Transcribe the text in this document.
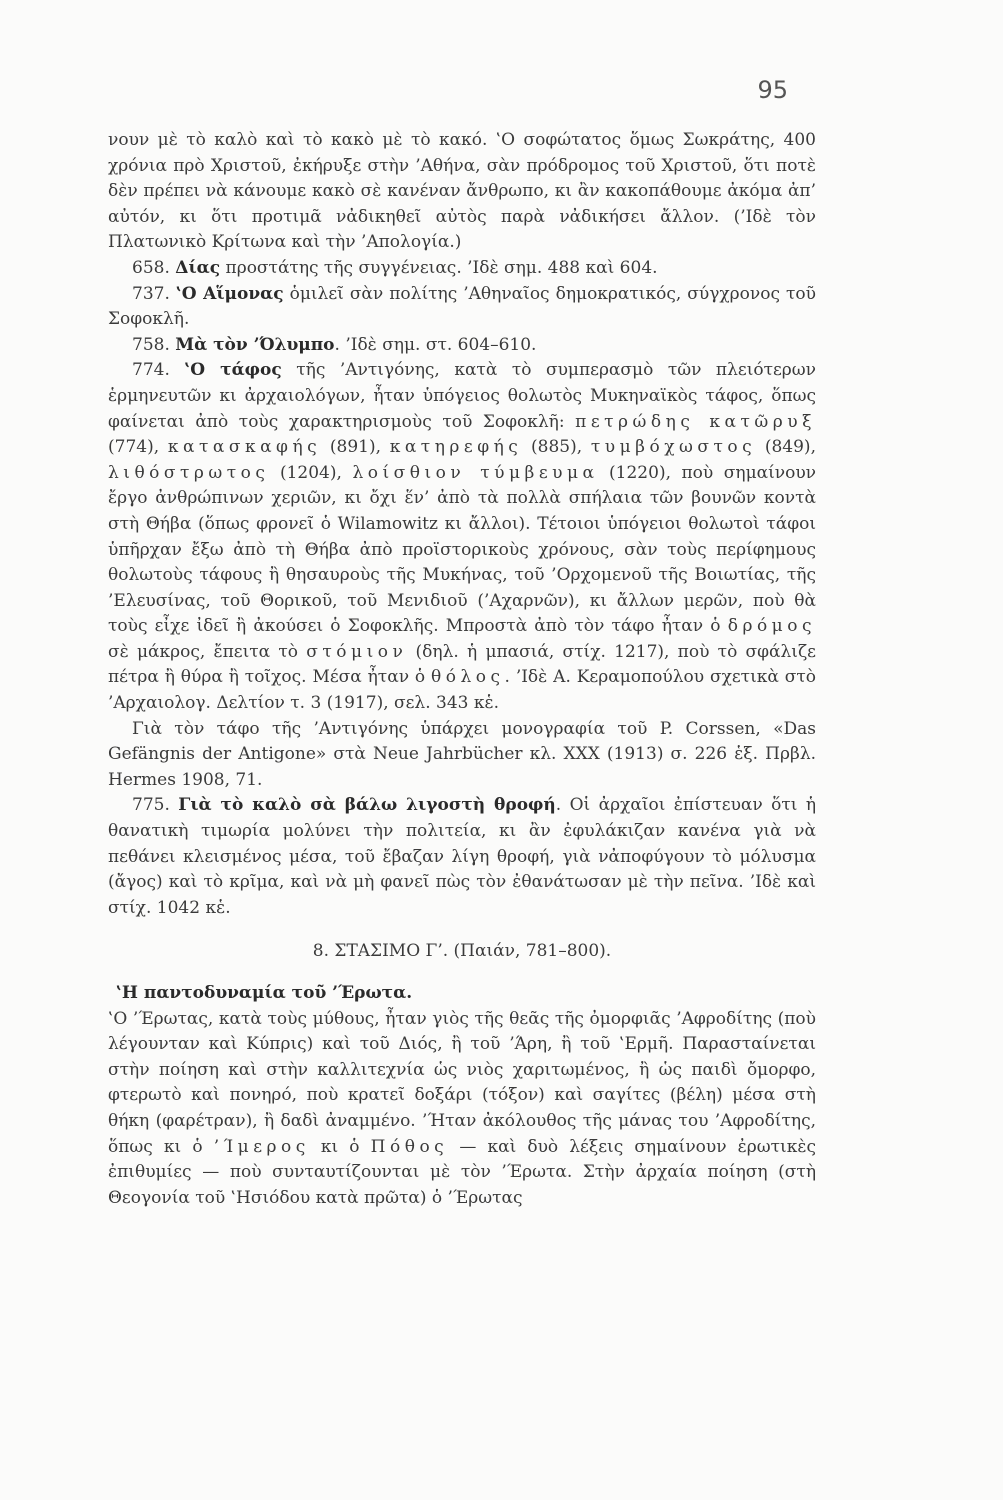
95

νουν μὲ τὸ καλὸ καὶ τὸ κακὸ μὲ τὸ κακό. ‛Ο σοφώτατος ὅμως Σωκράτης, 400 χρόνια πρὸ Χριστοῦ, ἐκήρυξε στὴν ’Αθήνα, σὰν πρόδρομος τοῦ Χριστοῦ, ὅτι ποτὲ δὲν πρέπει νὰ κάνουμε κακὸ σὲ κανέναν ἄνθρωπο, κι ἂν κακοπάθουμε ἀκόμα ἀπ’ αὐτόν, κι ὅτι προτιμᾶ νἀδικηθεῖ αὐτὸς παρὰ νἀδικήσει ἄλλον. (’Ιδὲ τὸν Πλατωνικὸ Κρίτωνα καὶ τὴν ’Απολογία.)

658. Δίας προστάτης τῆς συγγένειας. ’Ιδὲ σημ. 488 καὶ 604.

737. ‛Ο Αἵμονας ὁμιλεῖ σὰν πολίτης ’Αθηναῖος δημοκρατικός, σύγχρονος τοῦ Σοφοκλῆ.

758. Μὰ τὸν ’Όλυμπο. ’Ιδὲ σημ. στ. 604–610.

774. ‛Ο τάφος τῆς ’Αντιγόνης, κατὰ τὸ συμπερασμὸ τῶν πλειότερων ἑρμηνευτῶν κι ἀρχαιολόγων, ἦταν ὑπόγειος θολωτὸς Μυκηναϊκὸς τάφος, ὅπως φαίνεται ἀπὸ τοὺς χαρακτηρισμοὺς τοῦ Σοφοκλῆ: πετρώδης κατῶρυξ (774), κατασκαφής (891), κατηρεφής (885), τυμβόχωστος (849), λιθόστρωτος (1204), λοίσθιον τύμβευμα (1220), ποὺ σημαίνουν ἔργο ἀνθρώπινων χεριῶν, κι ὄχι ἕν’ ἀπὸ τὰ πολλὰ σπήλαια τῶν βουνῶν κοντὰ στὴ Θήβα (ὅπως φρονεῖ ὁ Wilamowitz κι ἄλλοι). Τέτοιοι ὑπόγειοι θολωτοὶ τάφοι ὑπῆρχαν ἔξω ἀπὸ τὴ Θήβα ἀπὸ προϊστορικοὺς χρόνους, σὰν τοὺς περίφημους θολωτοὺς τάφους ἢ θησαυροὺς τῆς Μυκήνας, τοῦ ’Ορχομενοῦ τῆς Βοιωτίας, τῆς ’Ελευσίνας, τοῦ Θορικοῦ, τοῦ Μενιδιοῦ (’Αχαρνῶν), κι ἄλλων μερῶν, ποὺ θὰ τοὺς εἶχε ἰδεῖ ἢ ἀκούσει ὁ Σοφοκλῆς. Μπροστὰ ἀπὸ τὸν τάφο ἦταν ὁ δρόμος σὲ μάκρος, ἔπειτα τὸ στόμιον (δηλ. ἡ μπασιά, στίχ. 1217), ποὺ τὸ σφάλιζε πέτρα ἢ θύρα ἢ τοῖχος. Μέσα ἦταν ὁ θόλος. ’Ιδὲ Α. Κεραμοπούλου σχετικὰ στὸ ’Αρχαιολογ. Δελτίον τ. 3 (1917), σελ. 343 κἑ.

Γιὰ τὸν τάφο τῆς ’Αντιγόνης ὑπάρχει μονογραφία τοῦ P. Corssen, «Das Gefängnis der Antigone» στὰ Neue Jahrbücher κλ. XXX (1913) σ. 226 ἑξ. Πρβλ. Hermes 1908, 71.

775. Γιὰ τὸ καλὸ σὰ βάλω λιγοστὴ θροφή. Οἱ ἀρχαῖοι ἐπίστευαν ὅτι ἡ θανατικὴ τιμωρία μολύνει τὴν πολιτεία, κι ἂν ἐφυλάκιζαν κανένα γιὰ νὰ πεθάνει κλεισμένος μέσα, τοῦ ἔβαζαν λίγη θροφή, γιὰ νἀποφύγουν τὸ μόλυσμα (ἄγος) καὶ τὸ κρῖμα, καὶ νὰ μὴ φανεῖ πὼς τὸν ἐθανάτωσαν μὲ τὴν πεῖνα. ’Ιδὲ καὶ στίχ. 1042 κἑ.

8. ΣΤΑΣΙΜΟ Γ’. (Παιάν, 781–800).

‛Η παντοδυναμία τοῦ ’Έρωτα.

‛Ο ’Έρωτας, κατὰ τοὺς μύθους, ἦταν γιὸς τῆς θεᾶς τῆς ὀμορφιᾶς ’Αφροδίτης (ποὺ λέγουνταν καὶ Κύπρις) καὶ τοῦ Διός, ἢ τοῦ ’Άρη, ἢ τοῦ ‛Ερμῆ. Παρασταίνεται στὴν ποίηση καὶ στὴν καλλιτεχνία ὡς νιὸς χαριτωμένος, ἢ ὡς παιδὶ ὄμορφο, φτερωτὸ καὶ πονηρό, ποὺ κρατεῖ δοξάρι (τόξον) καὶ σαγίτες (βέλη) μέσα στὴ θήκη (φαρέτραν), ἢ δαδὶ ἀναμμένο. ’Ήταν ἀκόλουθος τῆς μάνας του ’Αφροδίτης, ὅπως κι ὁ ’Ίμερος κι ὁ Πόθος — καὶ δυὸ λέξεις σημαίνουν ἐρωτικὲς ἐπιθυμίες — ποὺ συνταυτίζουνται μὲ τὸν ’Έρωτα. Στὴν ἀρχαία ποίηση (στὴ Θεογονία τοῦ ‛Ησιόδου κατὰ πρῶτα) ὁ ’Έρωτας
